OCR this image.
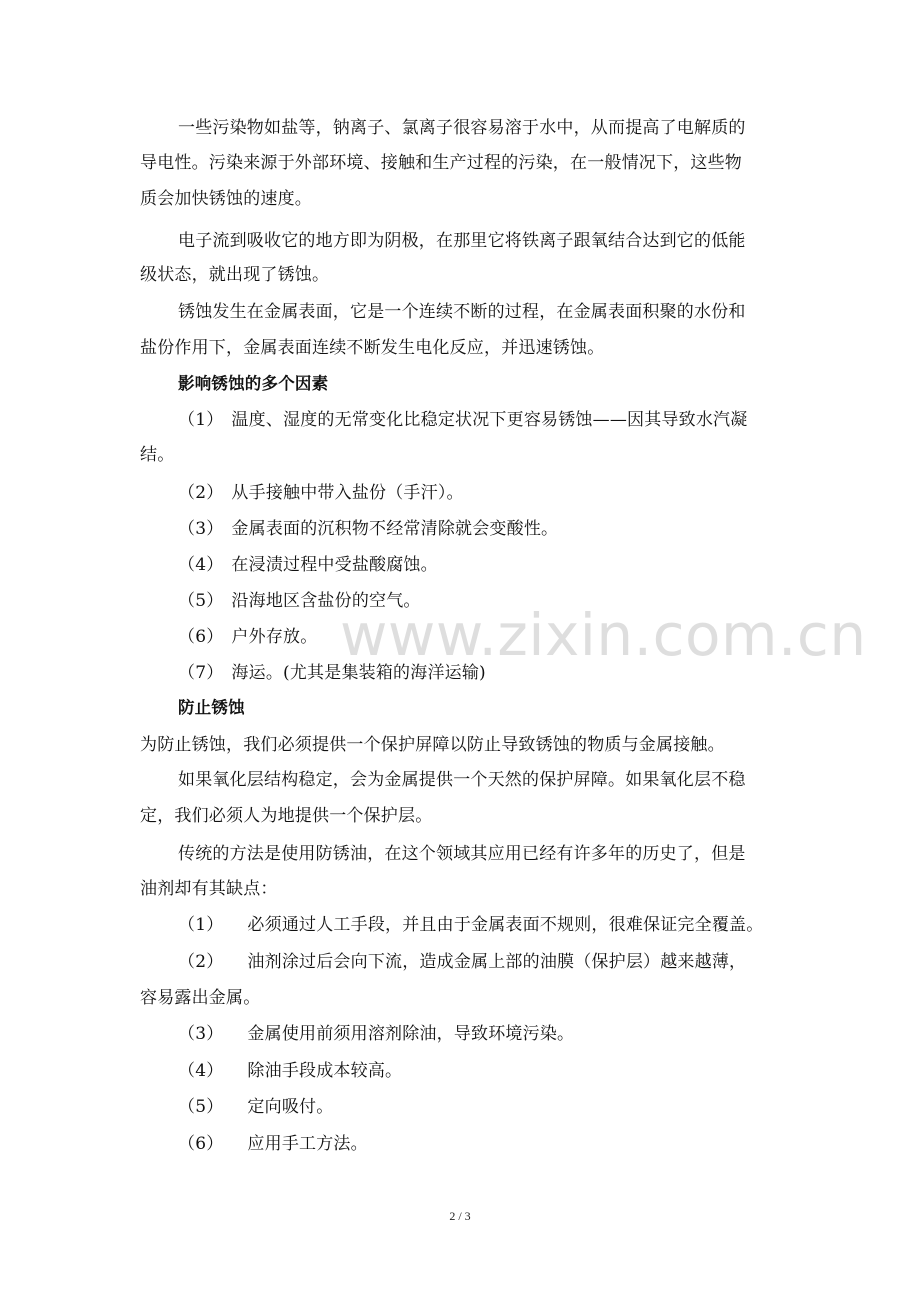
一些污染物如盐等，钠离子、氯离子很容易溶于水中，从而提高了电解质的
导电性。污染来源于外部环境、接触和生产过程的污染，在一般情况下，这些物
质会加快锈蚀的速度。
电子流到吸收它的地方即为阴极，在那里它将铁离子跟氧结合达到它的低能
级状态，就出现了锈蚀。
锈蚀发生在金属表面，它是一个连续不断的过程，在金属表面积聚的水份和
盐份作用下，金属表面连续不断发生电化反应，并迅速锈蚀。
影响锈蚀的多个因素
（1） 温度、湿度的无常变化比稳定状况下更容易锈蚀——因其导致水汽凝
结。
（2） 从手接触中带入盐份（手汗）。
（3） 金属表面的沉积物不经常清除就会变酸性。
（4） 在浸渍过程中受盐酸腐蚀。
（5） 沿海地区含盐份的空气。
（6） 户外存放。
（7） 海运。(尤其是集装箱的海洋运输)
防止锈蚀
为防止锈蚀，我们必须提供一个保护屏障以防止导致锈蚀的物质与金属接触。
如果氧化层结构稳定，会为金属提供一个天然的保护屏障。如果氧化层不稳
定，我们必须人为地提供一个保护层。
传统的方法是使用防锈油，在这个领域其应用已经有许多年的历史了，但是
油剂却有其缺点：
（1） 必须通过人工手段，并且由于金属表面不规则，很难保证完全覆盖。
（2） 油剂涂过后会向下流，造成金属上部的油膜（保护层）越来越薄，
容易露出金属。
（3） 金属使用前须用溶剂除油，导致环境污染。
（4） 除油手段成本较高。
（5） 定向吸付。
（6） 应用手工方法。
www.zixin.com.cn
2 / 3
